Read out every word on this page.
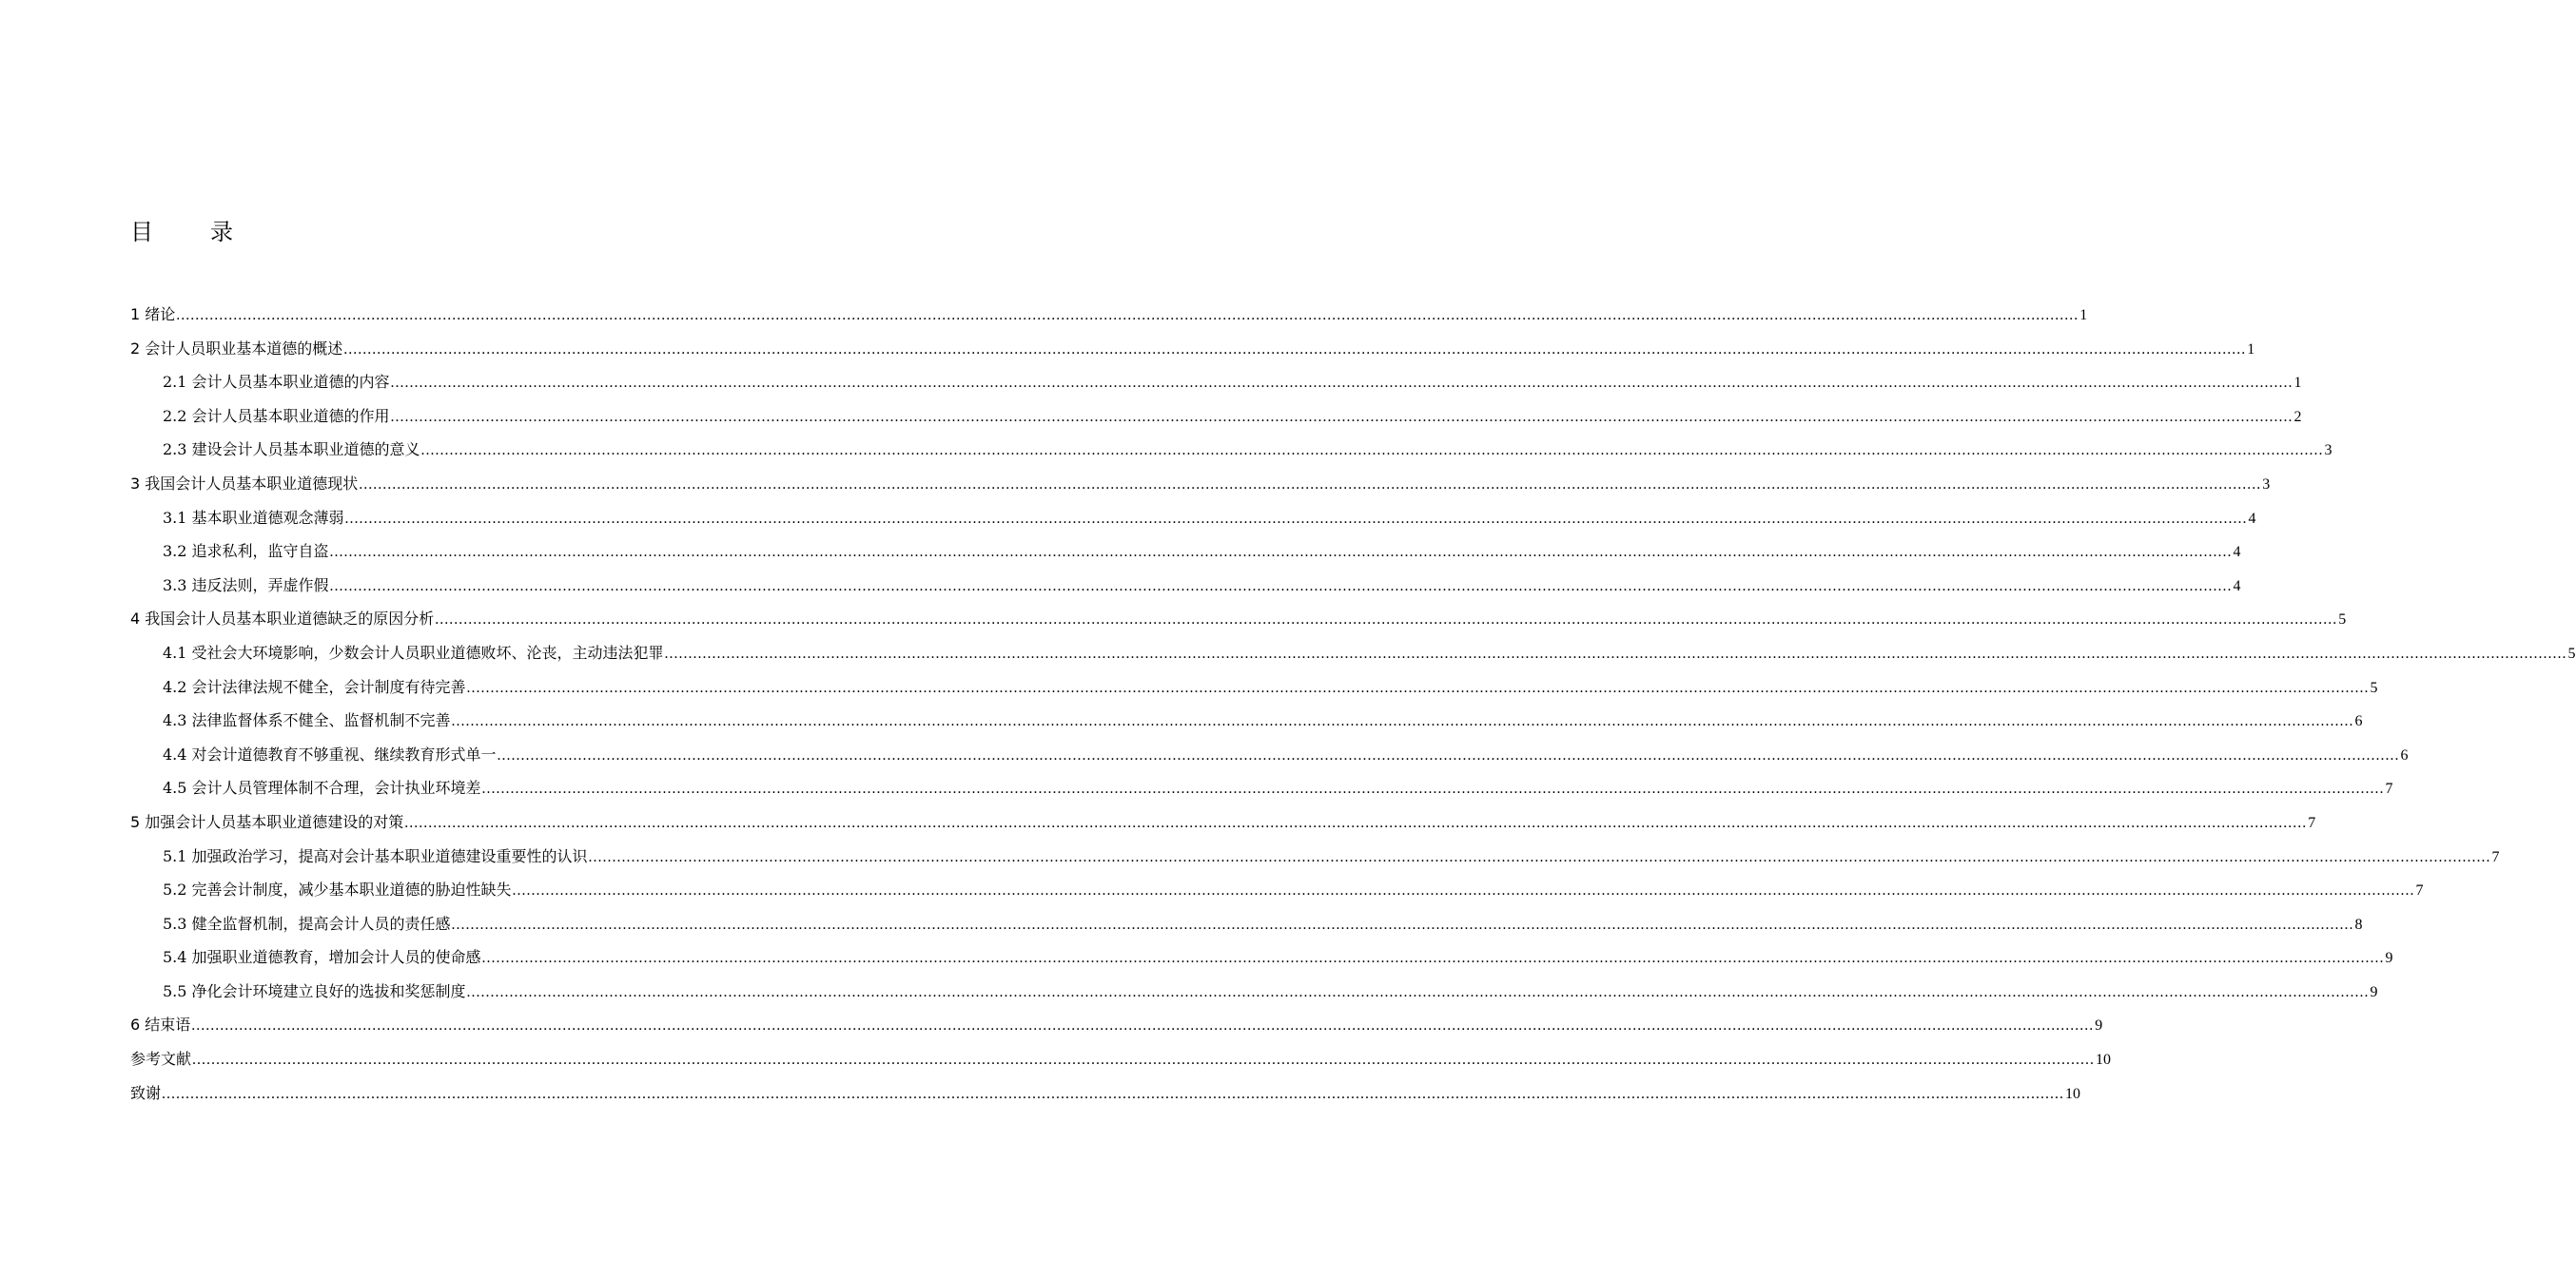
目　录
1 绪论 ................................................................................................................................................................................................................................................................................................................................................................................................................ 1
2 会计人员职业基本道德的概述 ................................................................................................................................................................................................................................................................................................................................................................................................................ 1
2.1 会计人员基本职业道德的内容 ................................................................................................................................................................................................................................................................................................................................................................................................................ 1
2.2 会计人员基本职业道德的作用 ................................................................................................................................................................................................................................................................................................................................................................................................................ 2
2.3 建设会计人员基本职业道德的意义 ................................................................................................................................................................................................................................................................................................................................................................................................................ 3
3 我国会计人员基本职业道德现状 ................................................................................................................................................................................................................................................................................................................................................................................................................ 3
3.1 基本职业道德观念薄弱 ................................................................................................................................................................................................................................................................................................................................................................................................................ 4
3.2 追求私利，监守自盗 ................................................................................................................................................................................................................................................................................................................................................................................................................ 4
3.3 违反法则，弄虚作假 ................................................................................................................................................................................................................................................................................................................................................................................................................ 4
4 我国会计人员基本职业道德缺乏的原因分析 ................................................................................................................................................................................................................................................................................................................................................................................................................ 5
4.1 受社会大环境影响，少数会计人员职业道德败坏、沦丧，主动违法犯罪 ................................................................................................................................................................................................................................................................................................................................................................................................................ 5
4.2 会计法律法规不健全，会计制度有待完善 ................................................................................................................................................................................................................................................................................................................................................................................................................ 5
4.3 法律监督体系不健全、监督机制不完善 ................................................................................................................................................................................................................................................................................................................................................................................................................ 6
4.4 对会计道德教育不够重视、继续教育形式单一 ................................................................................................................................................................................................................................................................................................................................................................................................................ 6
4.5 会计人员管理体制不合理，会计执业环境差 ................................................................................................................................................................................................................................................................................................................................................................................................................ 7
5 加强会计人员基本职业道德建设的对策 ................................................................................................................................................................................................................................................................................................................................................................................................................ 7
5.1 加强政治学习，提高对会计基本职业道德建设重要性的认识 ................................................................................................................................................................................................................................................................................................................................................................................................................ 7
5.2 完善会计制度，减少基本职业道德的胁迫性缺失 ................................................................................................................................................................................................................................................................................................................................................................................................................ 7
5.3 健全监督机制，提高会计人员的责任感 ................................................................................................................................................................................................................................................................................................................................................................................................................ 8
5.4 加强职业道德教育，增加会计人员的使命感 ................................................................................................................................................................................................................................................................................................................................................................................................................ 9
5.5 净化会计环境建立良好的选拔和奖惩制度 ................................................................................................................................................................................................................................................................................................................................................................................................................ 9
6 结束语 ................................................................................................................................................................................................................................................................................................................................................................................................................ 9
参考文献 ................................................................................................................................................................................................................................................................................................................................................................................................................ 10
致谢 ................................................................................................................................................................................................................................................................................................................................................................................................................ 10
